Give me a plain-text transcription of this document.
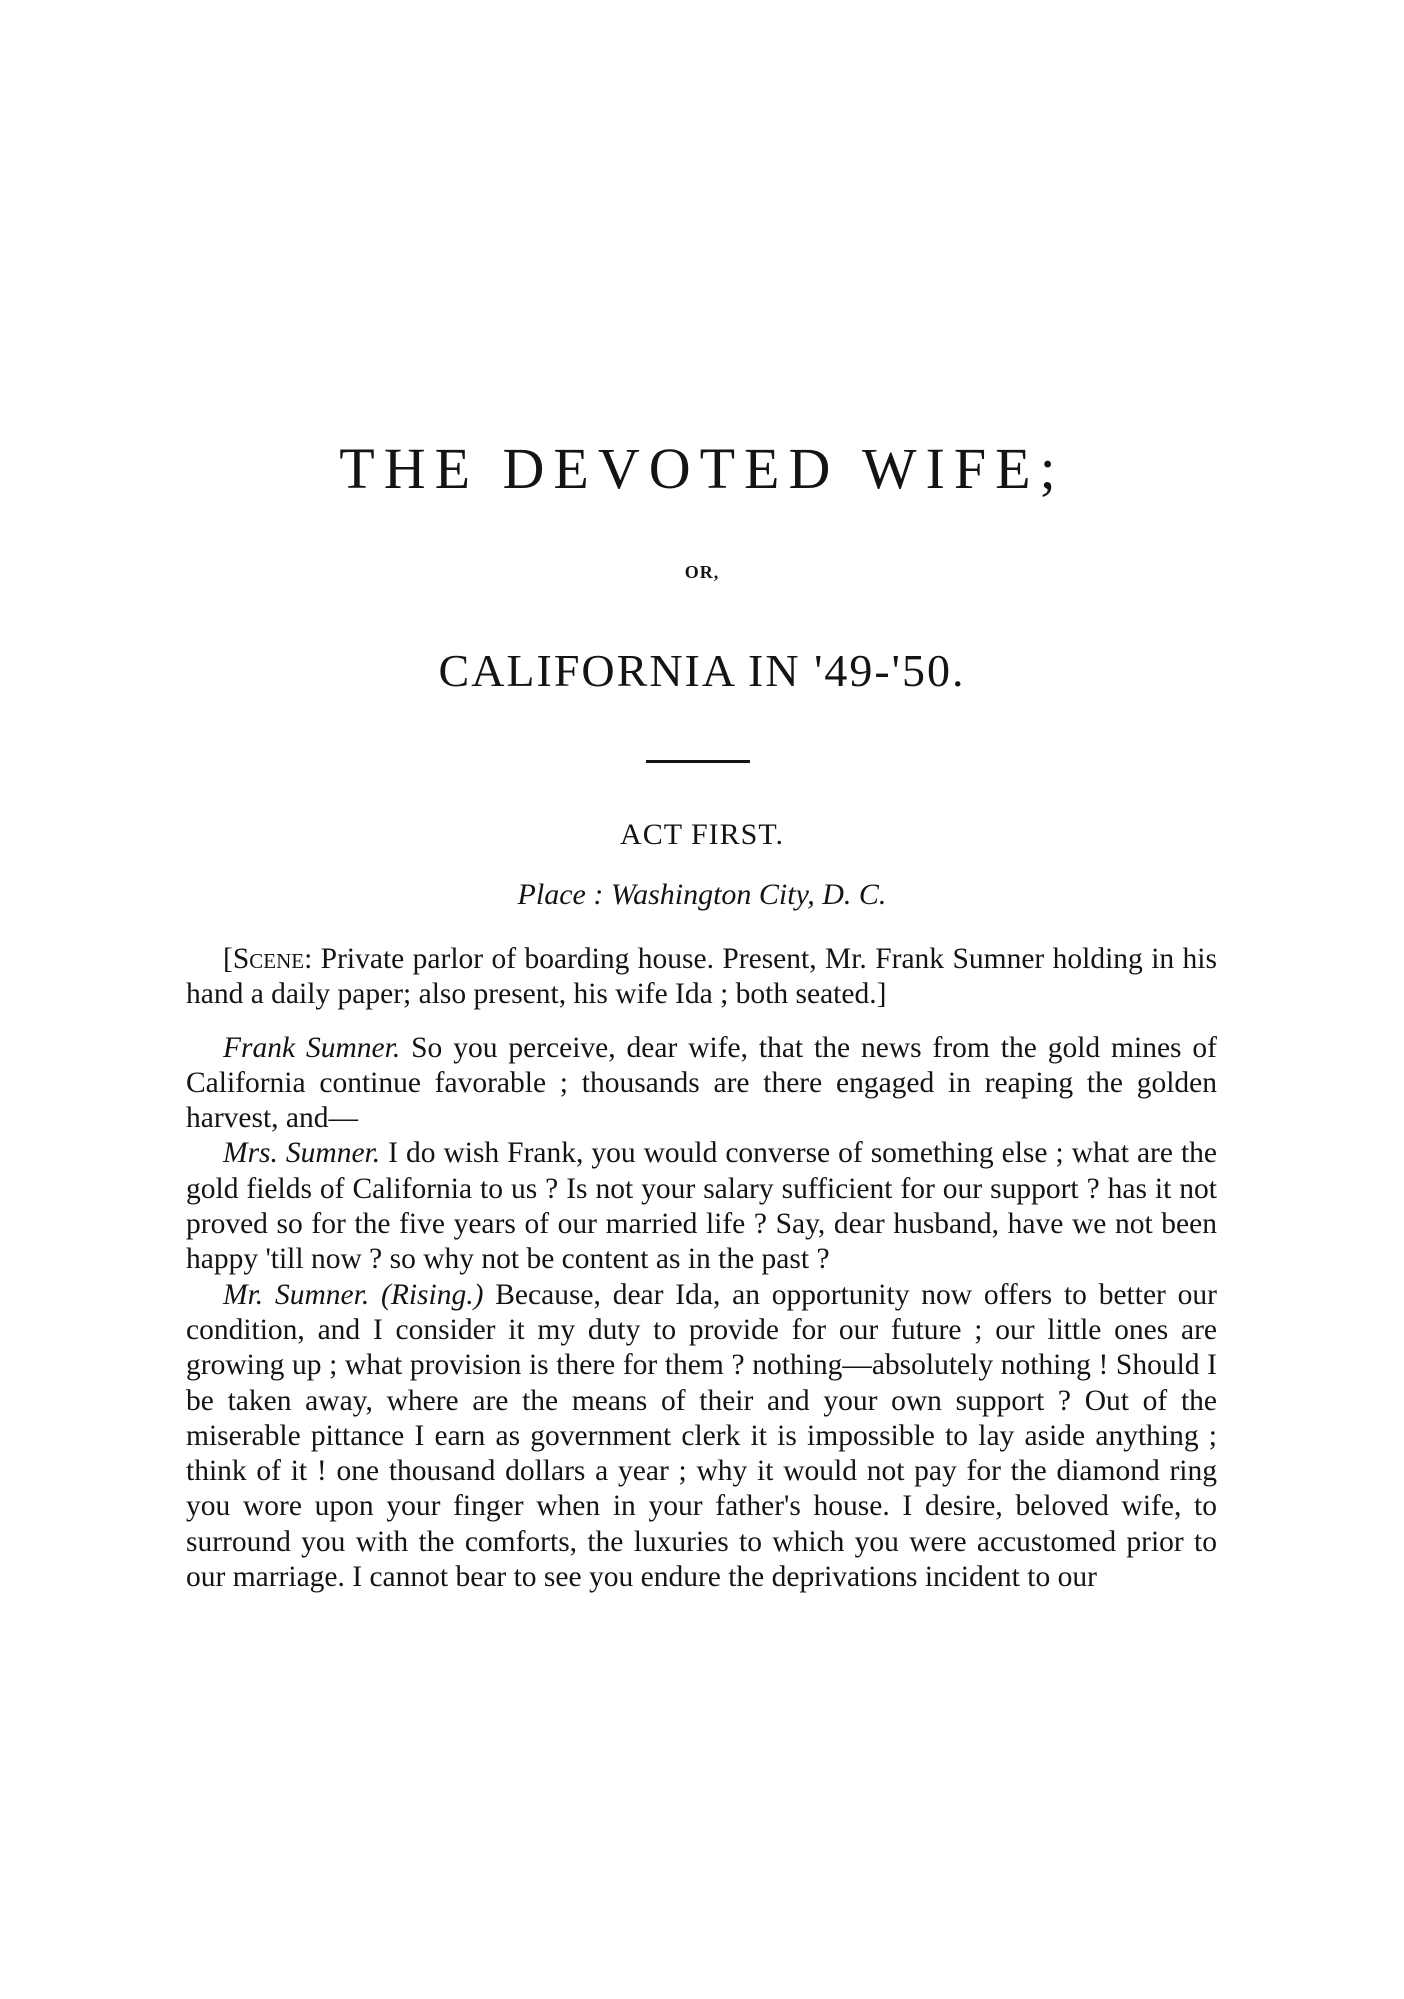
THE DEVOTED WIFE;
OR,
CALIFORNIA IN '49-'50.
ACT FIRST.
Place : Washington City, D. C.

[Scene: Private parlor of boarding house. Present, Mr. Frank Sumner holding in his hand a daily paper; also present, his wife Ida ; both seated.]

Frank Sumner. So you perceive, dear wife, that the news from the gold mines of California continue favorable ; thousands are there engaged in reaping the golden harvest, and—

Mrs. Sumner. I do wish Frank, you would converse of something else ; what are the gold fields of California to us ? Is not your salary sufficient for our support ? has it not proved so for the five years of our married life ? Say, dear husband, have we not been happy 'till now ? so why not be content as in the past ?

Mr. Sumner. (Rising.) Because, dear Ida, an opportunity now offers to better our condition, and I consider it my duty to provide for our future ; our little ones are growing up ; what provision is there for them ? nothing—absolutely nothing ! Should I be taken away, where are the means of their and your own support ? Out of the miserable pittance I earn as government clerk it is impossible to lay aside anything ; think of it ! one thousand dollars a year ; why it would not pay for the diamond ring you wore upon your finger when in your father's house. I desire, beloved wife, to surround you with the comforts, the luxuries to which you were accustomed prior to our marriage. I cannot bear to see you endure the deprivations incident to our
